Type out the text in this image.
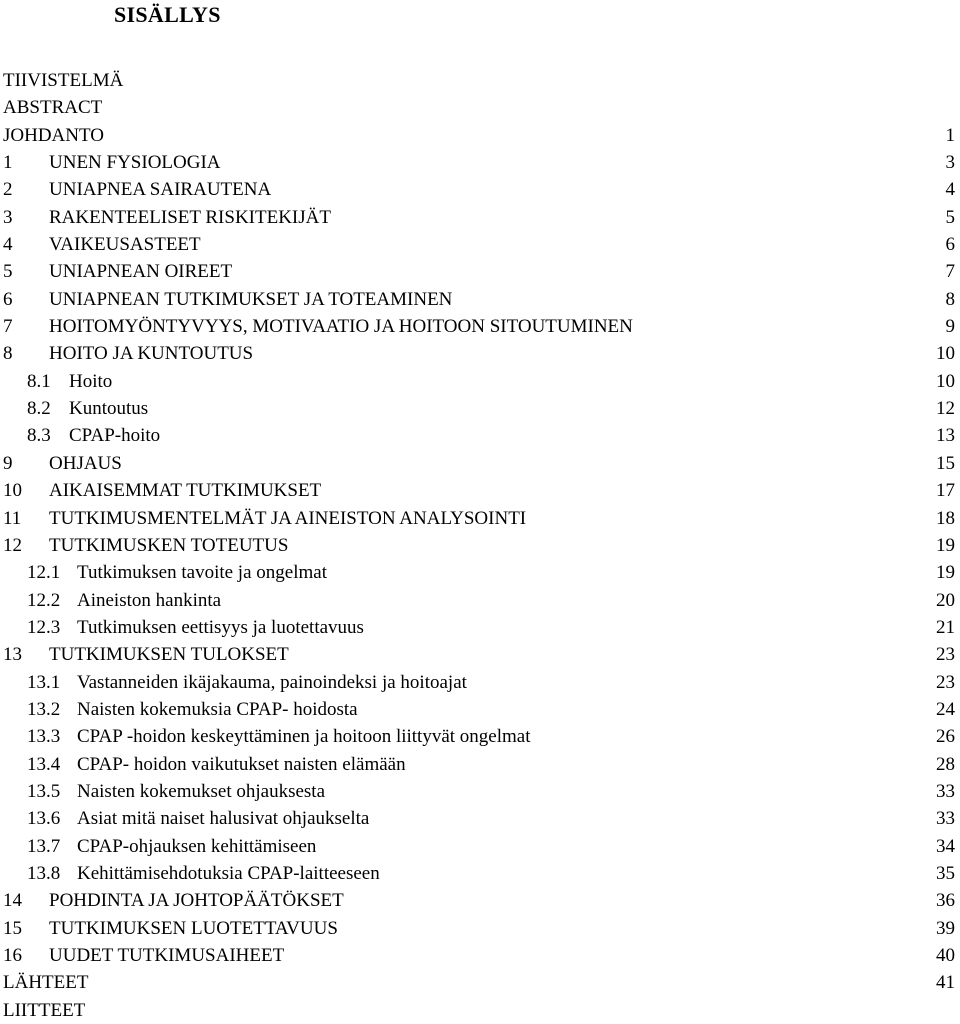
SISÄLLYS
TIIVISTELMÄ
ABSTRACT
JOHDANTO	1
1 UNEN FYSIOLOGIA	3
2 UNIAPNEA SAIRAUTENA	4
3 RAKENTEELISET RISKITEKIJÄT	5
4 VAIKEUSASTEET	6
5 UNIAPNEAN OIREET	7
6 UNIAPNEAN TUTKIMUKSET JA TOTEAMINEN	8
7 HOITOMYÖNTYVYYS, MOTIVAATIO JA HOITOON SITOUTUMINEN	9
8 HOITO JA KUNTOUTUS	10
8.1 Hoito	10
8.2 Kuntoutus	12
8.3 CPAP-hoito	13
9 OHJAUS	15
10 AIKAISEMMAT TUTKIMUKSET	17
11 TUTKIMUSMENTELMÄT JA AINEISTON ANALYSOINTI	18
12 TUTKIMUSKEN TOTEUTUS	19
12.1 Tutkimuksen tavoite ja ongelmat	19
12.2 Aineiston hankinta	20
12.3 Tutkimuksen eettisyys ja luotettavuus	21
13 TUTKIMUKSEN TULOKSET	23
13.1 Vastanneiden ikäjakauma, painoindeksi ja hoitoajat	23
13.2 Naisten kokemuksia CPAP- hoidosta	24
13.3 CPAP -hoidon keskeyttäminen ja hoitoon liittyvät ongelmat	26
13.4 CPAP- hoidon vaikutukset naisten elämään	28
13.5 Naisten kokemukset ohjauksesta	33
13.6 Asiat mitä naiset halusivat ohjaukselta	33
13.7 CPAP-ohjauksen kehittämiseen	34
13.8 Kehittämisehdotuksia CPAP-laitteeseen	35
14 POHDINTA JA JOHTOPÄÄTÖKSET	36
15 TUTKIMUKSEN LUOTETTAVUUS	39
16 UUDET TUTKIMUSAIHEET	40
LÄHTEET	41
LIITTEET
